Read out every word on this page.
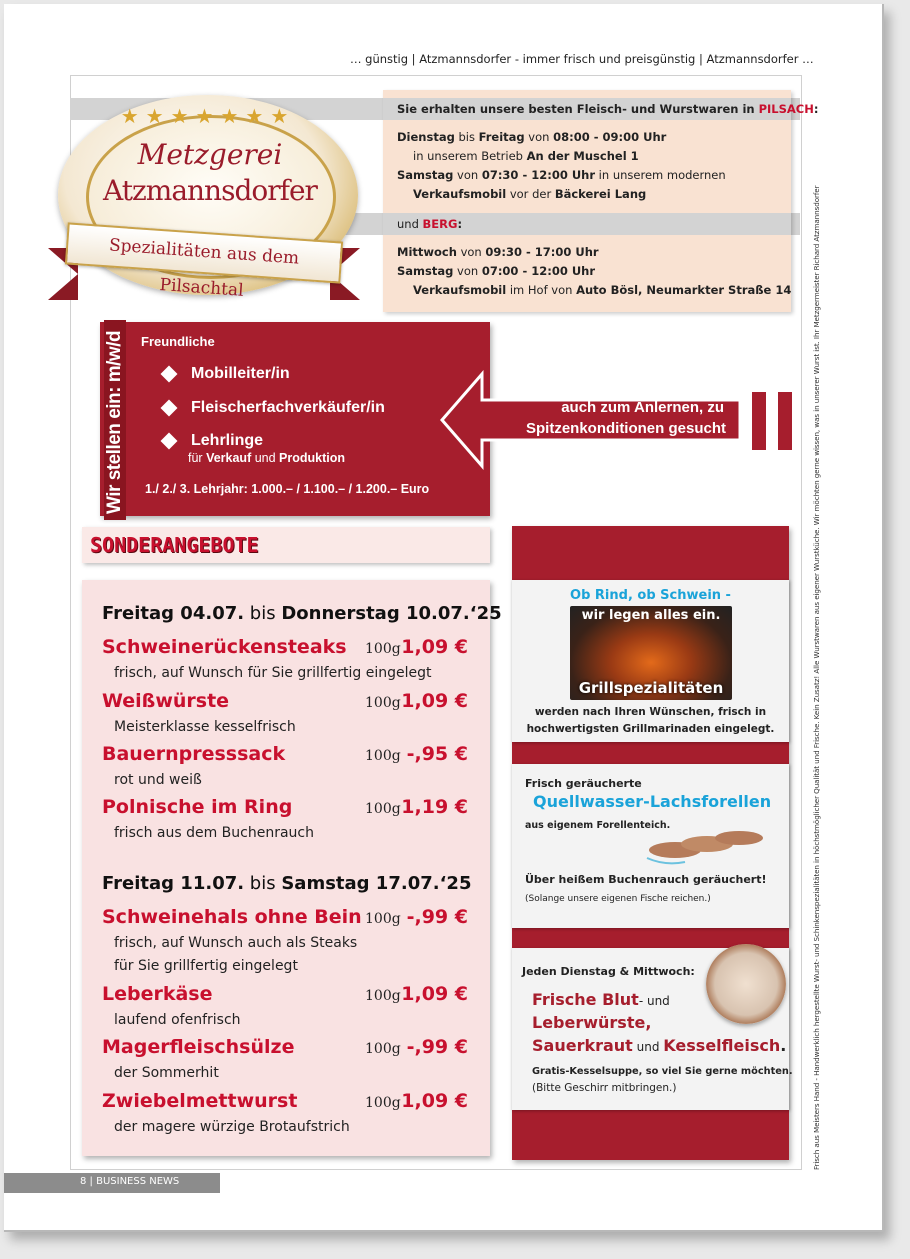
… günstig | Atzmannsdorfer - immer frisch und preisgünstig | Atzmannsdorfer …
Frisch aus Meisters Hand - Handwerklich hergestellte Wurst- und Schinkenspezialitäten in höchstmöglicher Qualität und Frische. Kein Zusatz! Alle Wurstwaren aus eigener Wurstküche. Wir möchten gerne wissen, was in unserer Wurst ist. Ihr Metzgermeister Richard Atzmannsdorfer
Sie erhalten unsere besten Fleisch- und Wurstwaren in PILSACH:
Dienstag bis Freitag von 08:00 - 09:00 Uhr
in unserem Betrieb An der Muschel 1
Samstag von 07:30 - 12:00 Uhr in unserem modernen
Verkaufsmobil vor der Bäckerei Lang
und BERG:
Mittwoch von 09:30 - 17:00 Uhr
Samstag von 07:00 - 12:00 Uhr
Verkaufsmobil im Hof von Auto Bösl, Neumarkter Straße 14
★★★★★★★
Metzgerei
Atzmannsdorfer
Spezialitäten aus dem Pilsachtal
Wir stellen ein: m/w/d Freundliche
Mobilleiter/in
Fleischerfachverkäufer/in
Lehrlinge
für Verkauf und Produktion
1./ 2./ 3. Lehrjahr: 1.000.– / 1.100.– / 1.200.– Euro
auch zum Anlernen, zu
Spitzenkonditionen gesucht
SONDERANGEBOTE
Freitag 04.07. bis Donnerstag 10.07.‘25
Schweinerückensteaks 100g 1,09 €
frisch, auf Wunsch für Sie grillfertig eingelegt
Weißwürste	100g 1,09 €
Meisterklasse kesselfrisch
Bauernpresssack	100g -,95 €
rot und weiß
Polnische im Ring	100g 1,19 €
frisch aus dem Buchenrauch
Freitag 11.07. bis Samstag 17.07.‘25
Schweinehals ohne Bein 100g -,99 €
frisch, auf Wunsch auch als Steaks
für Sie grillfertig eingelegt
Leberkäse	100g 1,09 €
laufend ofenfrisch
Magerfleischsülze	100g -,99 €
der Sommerhit
Zwiebelmettwurst	100g 1,09 €
der magere würzige Brotaufstrich
Ob Rind, ob Schwein -
wir legen alles ein.
Grillspezialitäten
werden nach Ihren Wünschen, frisch in
hochwertigsten Grillmarinaden eingelegt.
Frisch geräucherte
Quellwasser-Lachsforellen
aus eigenem Forellenteich.
Über heißem Buchenrauch geräuchert!
(Solange unsere eigenen Fische reichen.)
Jeden Dienstag & Mittwoch:
Frische Blut- und
Leberwürste,
Sauerkraut und Kesselfleisch.
Gratis-Kesselsuppe, so viel Sie gerne möchten.
(Bitte Geschirr mitbringen.)
8 | BUSINESS NEWS
